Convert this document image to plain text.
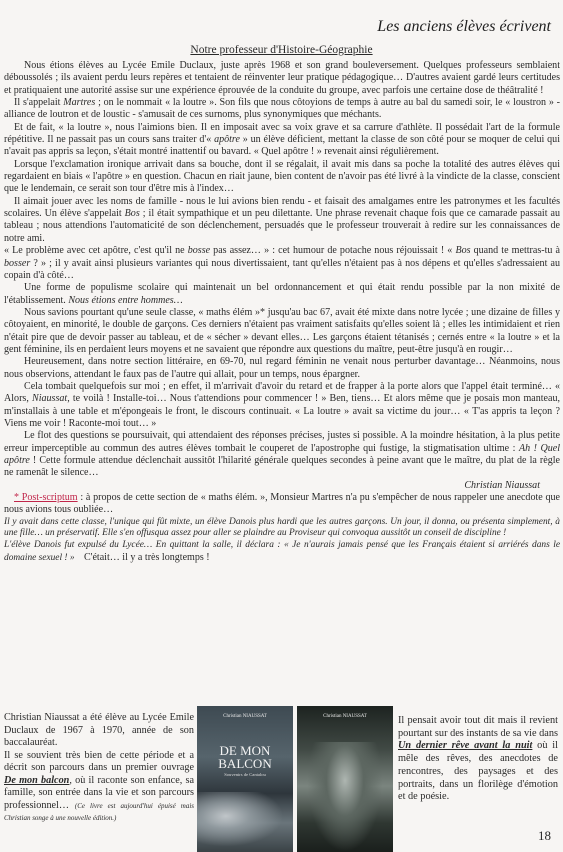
Les anciens élèves écrivent
Notre professeur d'Histoire-Géographie

Nous étions élèves au Lycée Emile Duclaux, juste après 1968 et son grand bouleversement. Quelques professeurs semblaient déboussolés ; ils avaient perdu leurs repères et tentaient de réinventer leur pratique pédagogique… D'autres avaient gardé leurs certitudes et pratiquaient une autorité assise sur une expérience éprouvée de la conduite du groupe, avec parfois une certaine dose de théâtralité !

Il s'appelait Martres ; on le nommait « la loutre ». Son fils que nous côtoyions de temps à autre au bal du samedi soir, le « loustron » - alliance de loutron et de loustic - s'amusait de ces surnoms, plus synonymiques que méchants.

Et de fait, « la loutre », nous l'aimions bien. Il en imposait avec sa voix grave et sa carrure d'athlète. Il possédait l'art de la formule répétitive. Il ne passait pas un cours sans traiter d'« apôtre » un élève déficient, mettant la classe de son côté pour se moquer de celui qui n'avait pas appris sa leçon, s'était montré inattentif ou bavard. « Quel apôtre ! » revenait ainsi régulièrement.

Lorsque l'exclamation ironique arrivait dans sa bouche, dont il se régalait, il avait mis dans sa poche la totalité des autres élèves qui regardaient en biais « l'apôtre » en question. Chacun en riait jaune, bien content de n'avoir pas été livré à la vindicte de la classe, conscient que le lendemain, ce serait son tour d'être mis à l'index…

Il aimait jouer avec les noms de famille - nous le lui avions bien rendu - et faisait des amalgames entre les patronymes et les facultés scolaires. Un élève s'appelait Bos ; il était sympathique et un peu dilettante. Une phrase revenait chaque fois que ce camarade passait au tableau ; nous attendions l'automaticité de son déclenchement, persuadés que le professeur trouverait à redire sur les connaissances de notre ami.

« Le problème avec cet apôtre, c'est qu'il ne bosse pas assez… » : cet humour de potache nous réjouissait ! « Bos quand te mettras-tu à bosser ? » ; il y avait ainsi plusieurs variantes qui nous divertissaient, tant qu'elles n'étaient pas à nos dépens et qu'elles s'adressaient au copain d'à côté…

Une forme de populisme scolaire qui maintenait un bel ordonnancement et qui était rendu possible par la non mixité de l'établissement. Nous étions entre hommes…

Nous savions pourtant qu'une seule classe, « maths élém »* jusqu'au bac 67, avait été mixte dans notre lycée ; une dizaine de filles y côtoyaient, en minorité, le double de garçons. Ces derniers n'étaient pas vraiment satisfaits qu'elles soient là ; elles les intimidaient et rien n'était pire que de devoir passer au tableau, et de « sécher » devant elles… Les garçons étaient tétanisés ; cernés entre « la loutre » et la gent féminine, ils en perdaient leurs moyens et ne savaient que répondre aux questions du maître, peut-être jusqu'à en rougir…

Heureusement, dans notre section littéraire, en 69-70, nul regard féminin ne venait nous perturber davantage… Néanmoins, nous nous observions, attendant le faux pas de l'autre qui allait, pour un temps, nous épargner.

Cela tombait quelquefois sur moi ; en effet, il m'arrivait d'avoir du retard et de frapper à la porte alors que l'appel était terminé… « Alors, Niaussat, te voilà ! Installe-toi… Nous t'attendions pour commencer ! » Ben, tiens… Et alors même que je posais mon manteau, m'installais à une table et m'épongeais le front, le discours continuait. « La loutre » avait sa victime du jour… « T'as appris ta leçon ? Viens me voir ! Raconte-moi tout… »

Le flot des questions se poursuivait, qui attendaient des réponses précises, justes si possible. A la moindre hésitation, à la plus petite erreur imperceptible au commun des autres élèves tombait le couperet de l'apostrophe qui fustige, la stigmatisation ultime : Ah ! Quel apôtre ! Cette formule attendue déclenchait aussitôt l'hilarité générale quelques secondes à peine avant que le maître, du plat de la règle ne ramenât le silence…

Christian Niaussat

* Post-scriptum : à propos de cette section de « maths élém. », Monsieur Martres n'a pu s'empêcher de nous rappeler une anecdote que nous avions tous oubliée…

Il y avait dans cette classe, l'unique qui fût mixte, un élève Danois plus hardi que les autres garçons. Un jour, il donna, ou présenta simplement, à une fille… un préservatif. Elle s'en offusqua assez pour aller se plaindre au Proviseur qui convoqua aussitôt un conseil de discipline !

L'élève Danois fut expulsé du Lycée… En quittant la salle, il déclara : « Je n'aurais jamais pensé que les Français étaient si arriérés dans le domaine sexuel ! » C'était… il y a très longtemps !

Christian Niaussat a été élève au Lycée Emile Duclaux de 1967 à 1970, année de son baccalauréat.
Il se souvient très bien de cette période et a décrit son parcours dans un premier ouvrage De mon balcon, où il raconte son enfance, sa famille, son entrée dans la vie et son parcours professionnel… (Ce livre est aujourd'hui épuisé mais Christian songe à une nouvelle édition.)
Christian NIAUSSAT
DE MON
BALCON
Souvenirs de Cantalou
Christian NIAUSSAT	Il pensait avoir tout dit mais il revient pourtant sur des instants de sa vie dans Un dernier rêve avant la nuit où il mêle des rêves, des anecdotes de rencontres, des paysages et des portraits, dans un florilège d'émotion et de poésie.
18
